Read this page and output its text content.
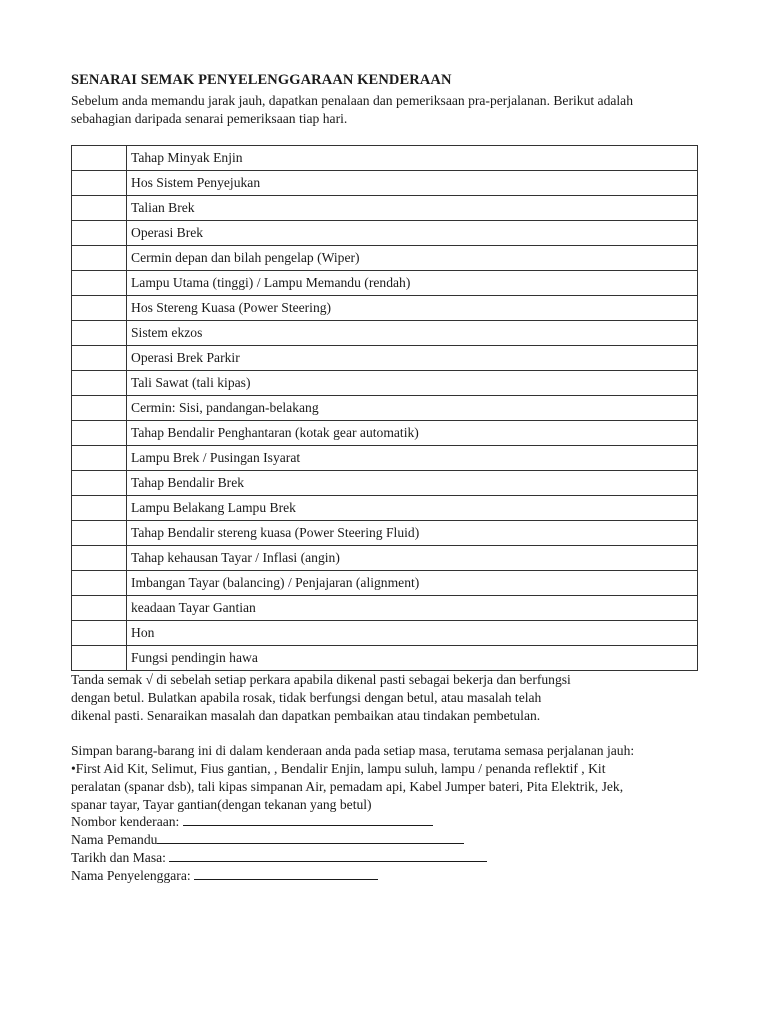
SENARAI SEMAK PENYELENGGARAAN KENDERAAN
Sebelum anda memandu jarak jauh, dapatkan penalaan dan pemeriksaan pra-perjalanan. Berikut adalah
sebahagian daripada senarai pemeriksaan tiap hari.
	Tahap Minyak Enjin
	Hos Sistem Penyejukan
	Talian Brek
	Operasi Brek
	Cermin depan dan bilah pengelap (Wiper)
	Lampu Utama (tinggi) / Lampu Memandu (rendah)
	Hos Stereng Kuasa (Power Steering)
	Sistem ekzos
	Operasi Brek Parkir
	Tali Sawat (tali kipas)
	Cermin: Sisi, pandangan-belakang
	Tahap Bendalir Penghantaran (kotak gear automatik)
	Lampu Brek / Pusingan Isyarat
	Tahap Bendalir Brek
	Lampu Belakang Lampu Brek
	Tahap Bendalir stereng kuasa (Power Steering Fluid)
	Tahap kehausan Tayar / Inflasi (angin)
	Imbangan Tayar (balancing) / Penjajaran (alignment)
	keadaan Tayar Gantian
	Hon
	Fungsi pendingin hawa
Tanda semak √ di sebelah setiap perkara apabila dikenal pasti sebagai bekerja dan berfungsi
dengan betul. Bulatkan apabila rosak, tidak berfungsi dengan betul, atau masalah telah
dikenal pasti. Senaraikan masalah dan dapatkan pembaikan atau tindakan pembetulan.
Simpan barang-barang ini di dalam kenderaan anda pada setiap masa, terutama semasa perjalanan jauh:
•First Aid Kit, Selimut, Fius gantian, , Bendalir Enjin, lampu suluh, lampu / penanda reflektif , Kit
peralatan (spanar dsb), tali kipas simpanan Air, pemadam api, Kabel Jumper bateri, Pita Elektrik, Jek,
spanar tayar, Tayar gantian(dengan tekanan yang betul)
Nombor kenderaan:
Nama Pemandu
Tarikh dan Masa:
Nama Penyelenggara:
